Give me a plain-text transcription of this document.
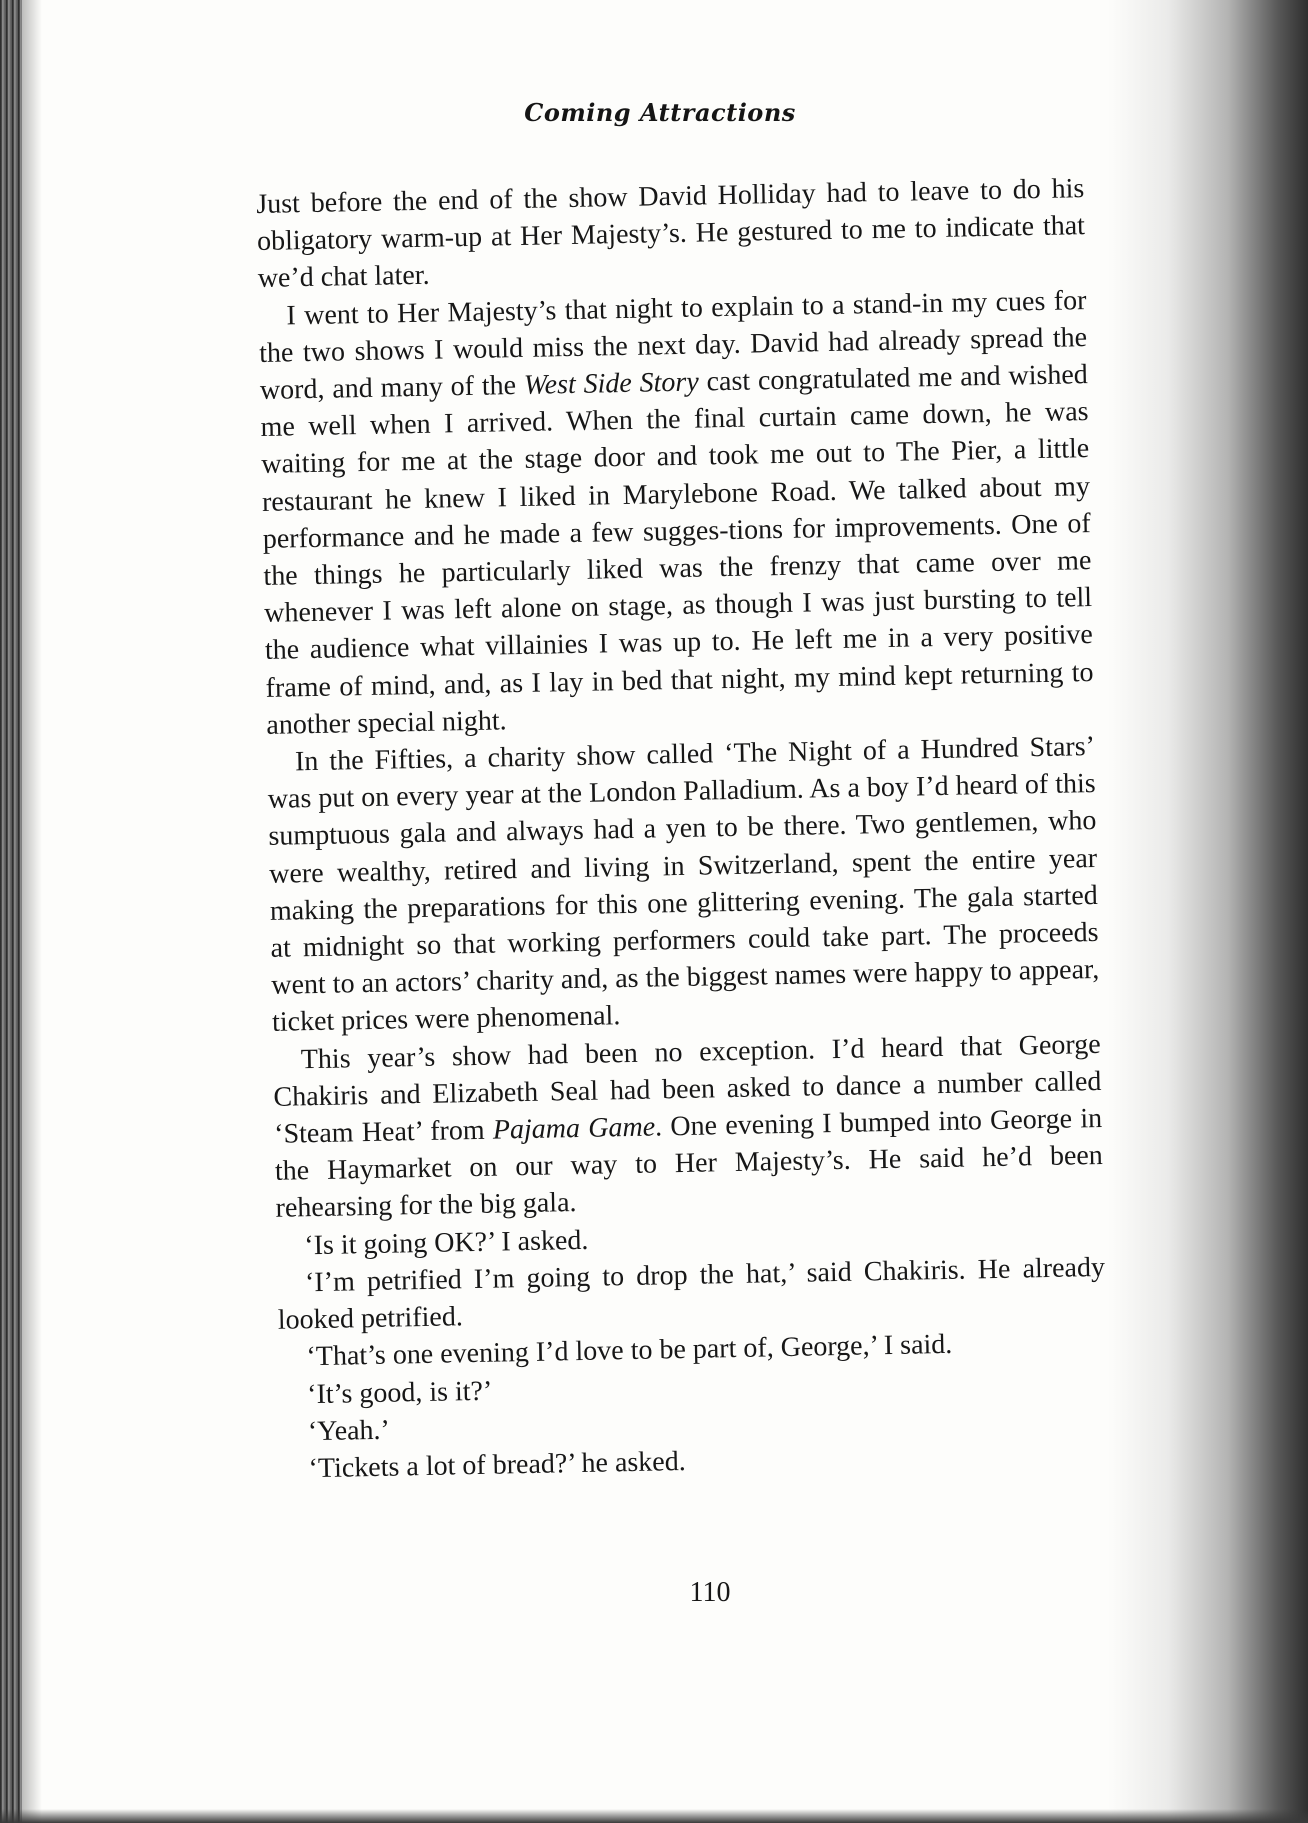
Coming Attractions

Just before the end of the show David Holliday had to leave to do his obligatory warm-up at Her Majesty’s. He gestured to me to indicate that we’d chat later.

I went to Her Majesty’s that night to explain to a stand-in my cues for the two shows I would miss the next day. David had already spread the word, and many of the West Side Story cast congratulated me and wished me well when I arrived. When the final curtain came down, he was waiting for me at the stage door and took me out to The Pier, a little restaurant he knew I liked in Marylebone Road. We talked about my performance and he made a few sugges-tions for improvements. One of the things he particularly liked was the frenzy that came over me whenever I was left alone on stage, as though I was just bursting to tell the audience what villainies I was up to. He left me in a very positive frame of mind, and, as I lay in bed that night, my mind kept returning to another special night.

In the Fifties, a charity show called ‘The Night of a Hundred Stars’ was put on every year at the London Palladium. As a boy I’d heard of this sumptuous gala and always had a yen to be there. Two gentlemen, who were wealthy, retired and living in Switzerland, spent the entire year making the preparations for this one glittering evening. The gala started at midnight so that working performers could take part. The proceeds went to an actors’ charity and, as the biggest names were happy to appear, ticket prices were phenomenal.

This year’s show had been no exception. I’d heard that George Chakiris and Elizabeth Seal had been asked to dance a number called ‘Steam Heat’ from Pajama Game. One evening I bumped into George in the Haymarket on our way to Her Majesty’s. He said he’d been rehearsing for the big gala.

‘Is it going OK?’ I asked.

‘I’m petrified I’m going to drop the hat,’ said Chakiris. He already looked petrified.

‘That’s one evening I’d love to be part of, George,’ I said.

‘It’s good, is it?’

‘Yeah.’

‘Tickets a lot of bread?’ he asked.

110
